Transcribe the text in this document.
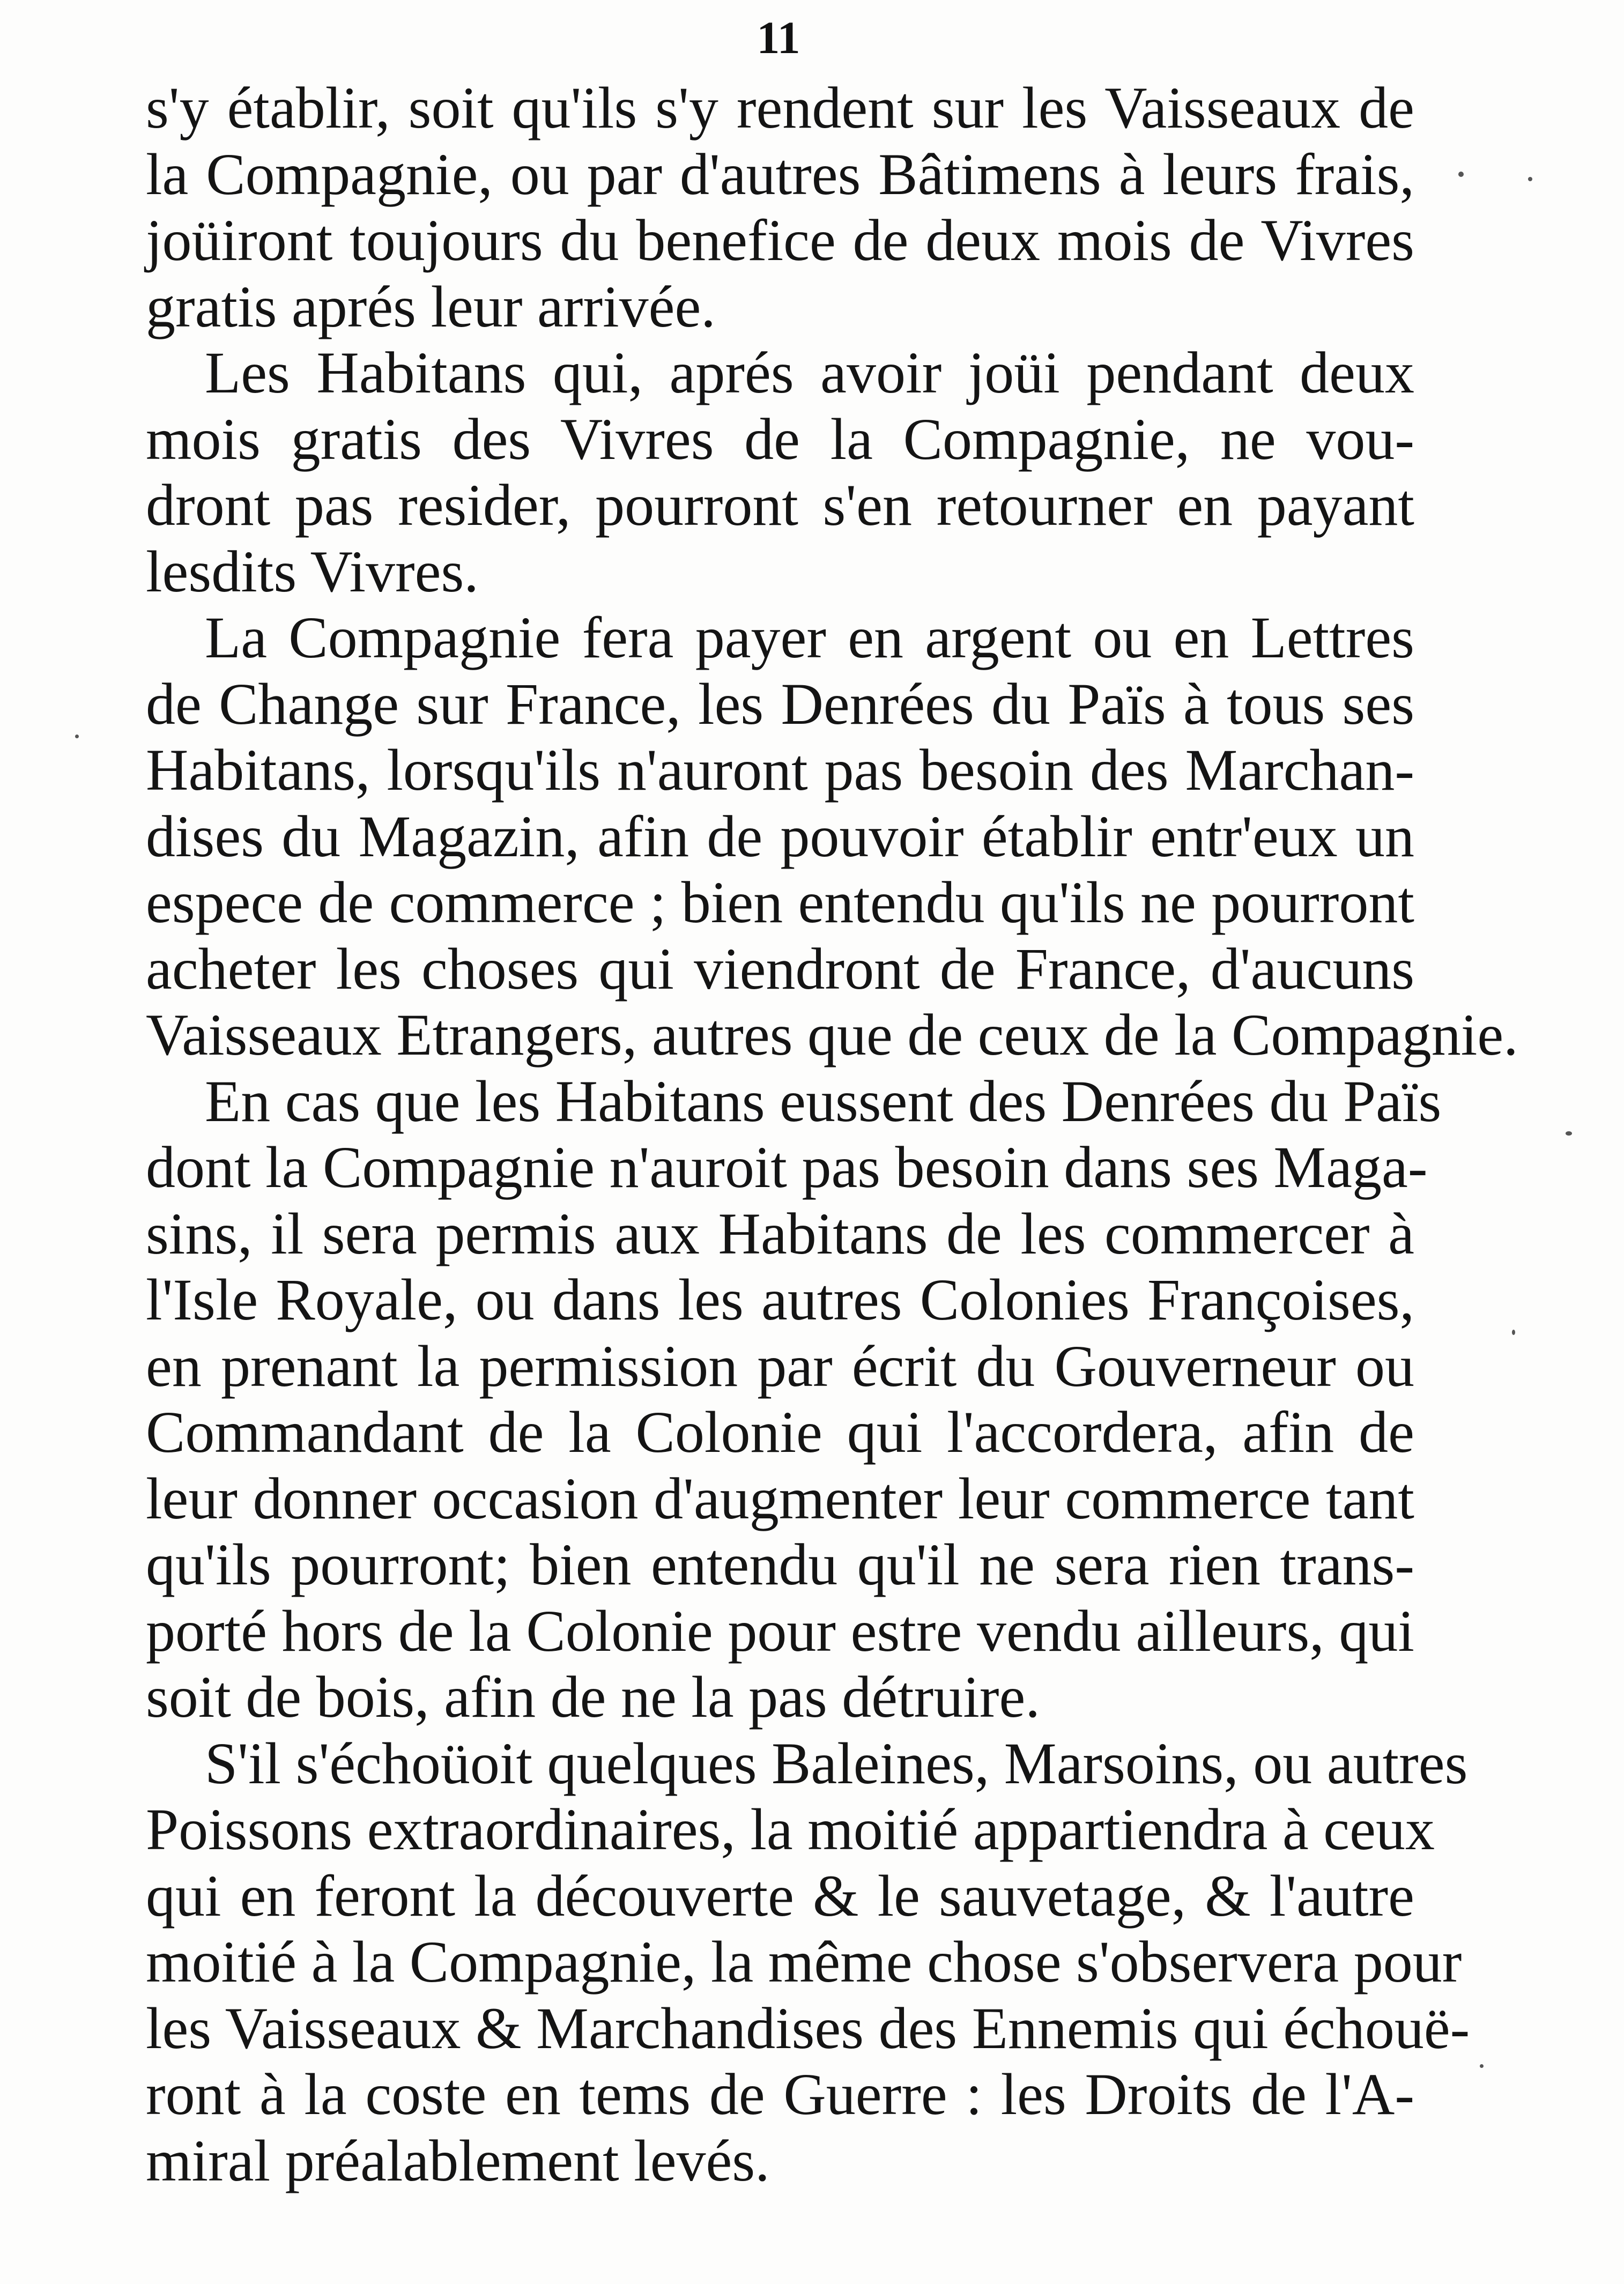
11
s'y établir, soit qu'ils s'y rendent sur les Vaisseaux de
la Compagnie, ou par d'autres Bâtimens à leurs frais,
joüiront toujours du benefice de deux mois de Vivres
gratis aprés leur arrivée.
Les Habitans qui, aprés avoir joüi pendant deux
mois gratis des Vivres de la Compagnie, ne vou-
dront pas resider, pourront s'en retourner en payant
lesdits Vivres.
La Compagnie fera payer en argent ou en Lettres
de Change sur France, les Denrées du Païs à tous ses
Habitans, lorsqu'ils n'auront pas besoin des Marchan-
dises du Magazin, afin de pouvoir établir entr'eux un
espece de commerce ; bien entendu qu'ils ne pourront
acheter les choses qui viendront de France, d'aucuns
Vaisseaux Etrangers, autres que de ceux de la Compagnie.
En cas que les Habitans eussent des Denrées du Païs
dont la Compagnie n'auroit pas besoin dans ses Maga-
sins, il sera permis aux Habitans de les commercer à
l'Isle Royale, ou dans les autres Colonies Françoises,
en prenant la permission par écrit du Gouverneur ou
Commandant de la Colonie qui l'accordera, afin de
leur donner occasion d'augmenter leur commerce tant
qu'ils pourront; bien entendu qu'il ne sera rien trans-
porté hors de la Colonie pour estre vendu ailleurs, qui
soit de bois, afin de ne la pas détruire.
S'il s'échoüoit quelques Baleines, Marsoins, ou autres
Poissons extraordinaires, la moitié appartiendra à ceux
qui en feront la découverte & le sauvetage, & l'autre
moitié à la Compagnie, la même chose s'observera pour
les Vaisseaux & Marchandises des Ennemis qui échouë-
ront à la coste en tems de Guerre : les Droits de l'A-
miral préalablement levés.
